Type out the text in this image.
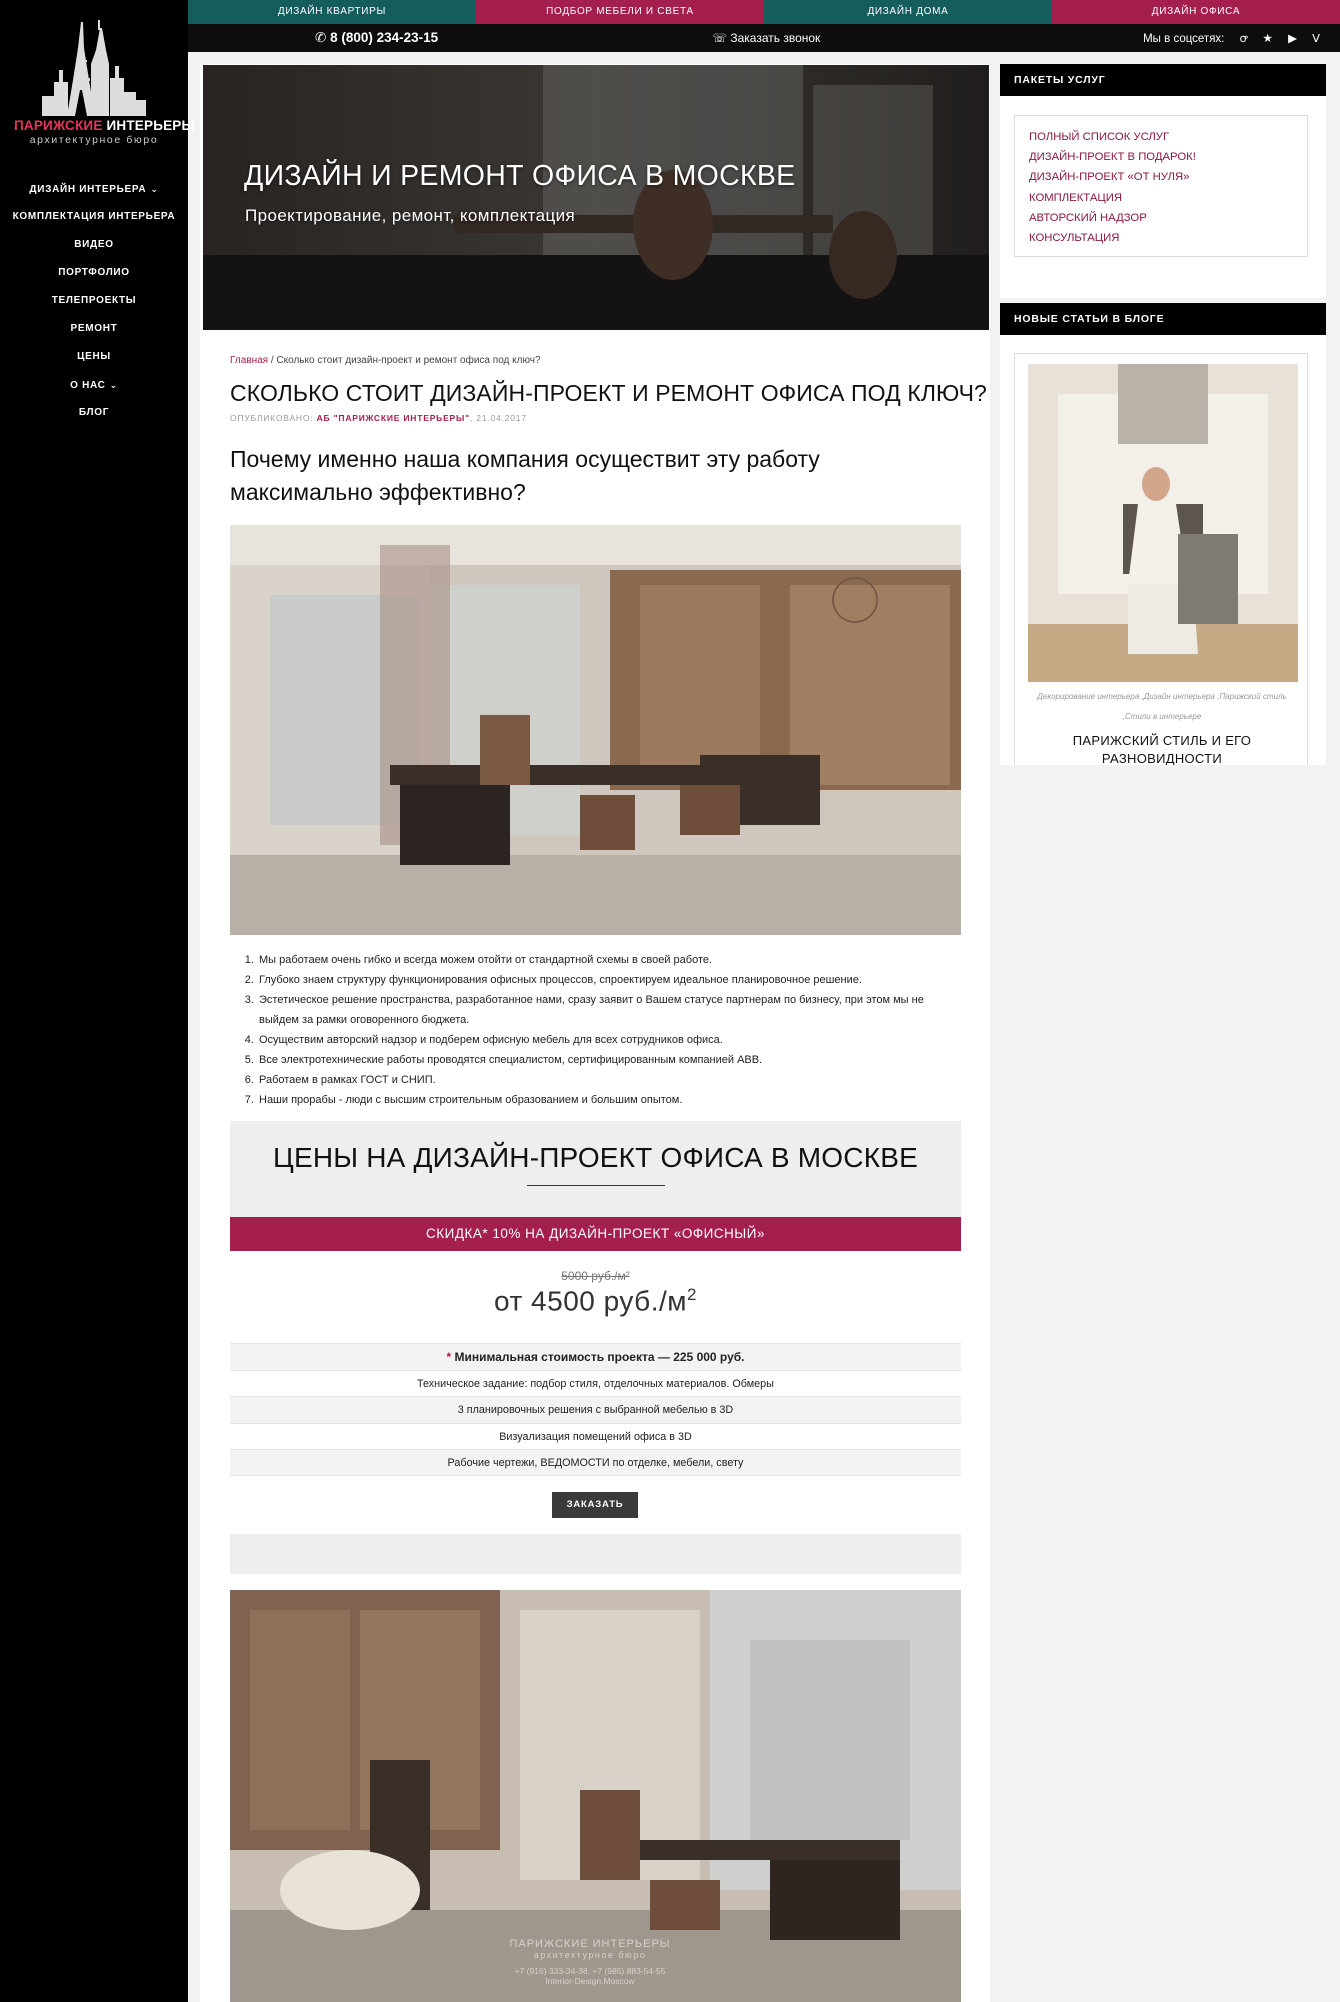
ПАРИЖСКИЕ ИНТЕРЬЕРЫ
архитектурное бюро
ДИЗАЙН ИНТЕРЬЕРА ⌄
КОМПЛЕКТАЦИЯ ИНТЕРЬЕРА
ВИДЕО
ПОРТФОЛИО
ТЕЛЕПРОЕКТЫ
РЕМОНТ
ЦЕНЫ
О НАС ⌄
БЛОГ
ДИЗАЙН КВАРТИРЫ	ПОДБОР МЕБЕЛИ И СВЕТА	ДИЗАЙН ДОМА	ДИЗАЙН ОФИСА
✆ 8 (800) 234-23-15	☏ Заказать звонок	Мы в соцсетях: ꝍ ★ ▶ ᐯ
ДИЗАЙН И РЕМОНТ ОФИСА В МОСКВЕ
Проектирование, ремонт, комплектация
Главная / Сколько стоит дизайн-проект и ремонт офиса под ключ?
СКОЛЬКО СТОИТ ДИЗАЙН-ПРОЕКТ И РЕМОНТ ОФИСА ПОД КЛЮЧ?
ОПУБЛИКОВАНО: АБ "ПАРИЖСКИЕ ИНТЕРЬЕРЫ", 21.04.2017
Почему именно наша компания осуществит эту работу максимально эффективно?
1. Мы работаем очень гибко и всегда можем отойти от стандартной схемы в своей работе.
2. Глубоко знаем структуру функционирования офисных процессов, спроектируем идеальное планировочное решение.
3. Эстетическое решение пространства, разработанное нами, сразу заявит о Вашем статусе партнерам по бизнесу, при этом мы не выйдем за рамки оговоренного бюджета.
4. Осуществим авторский надзор и подберем офисную мебель для всех сотрудников офиса.
5. Все электротехнические работы проводятся специалистом, сертифицированным компанией ABB.
6. Работаем в рамках ГОСТ и СНИП.
7. Наши прорабы - люди с высшим строительным образованием и большим опытом.
ЦЕНЫ НА ДИЗАЙН-ПРОЕКТ ОФИСА В МОСКВЕ
СКИДКА* 10% НА ДИЗАЙН-ПРОЕКТ «ОФИСНЫЙ»
5000 руб./м²
от 4500 $руб./м^2$
* Минимальная стоимость проекта — 225 000 руб.
Техническое задание: подбор стиля, отделочных материалов. Обмеры
3 планировочных решения с выбранной мебелью в 3D
Визуализация помещений офиса в 3D
Рабочие чертежи, ВЕДОМОСТИ по отделке, мебели, свету
ЗАКАЗАТЬ
ПАРИЖСКИЕ ИНТЕРЬЕРЫ
архитектурное бюро
+7 (916) 333-34-38, +7 (985) 883-54-55
Interior-Design.Moscow
ПАКЕТЫ УСЛУГ
ПОЛНЫЙ СПИСОК УСЛУГ
ДИЗАЙН-ПРОЕКТ В ПОДАРОК!
ДИЗАЙН-ПРОЕКТ «ОТ НУЛЯ»
КОМПЛЕКТАЦИЯ
АВТОРСКИЙ НАДЗОР
КОНСУЛЬТАЦИЯ
НОВЫЕ СТАТЬИ В БЛОГЕ
Декорирование интерьера ,Дизайн интерьера ,Парижский стиль ,Стили в интерьере
ПАРИЖСКИЙ СТИЛЬ И ЕГО РАЗНОВИДНОСТИ
